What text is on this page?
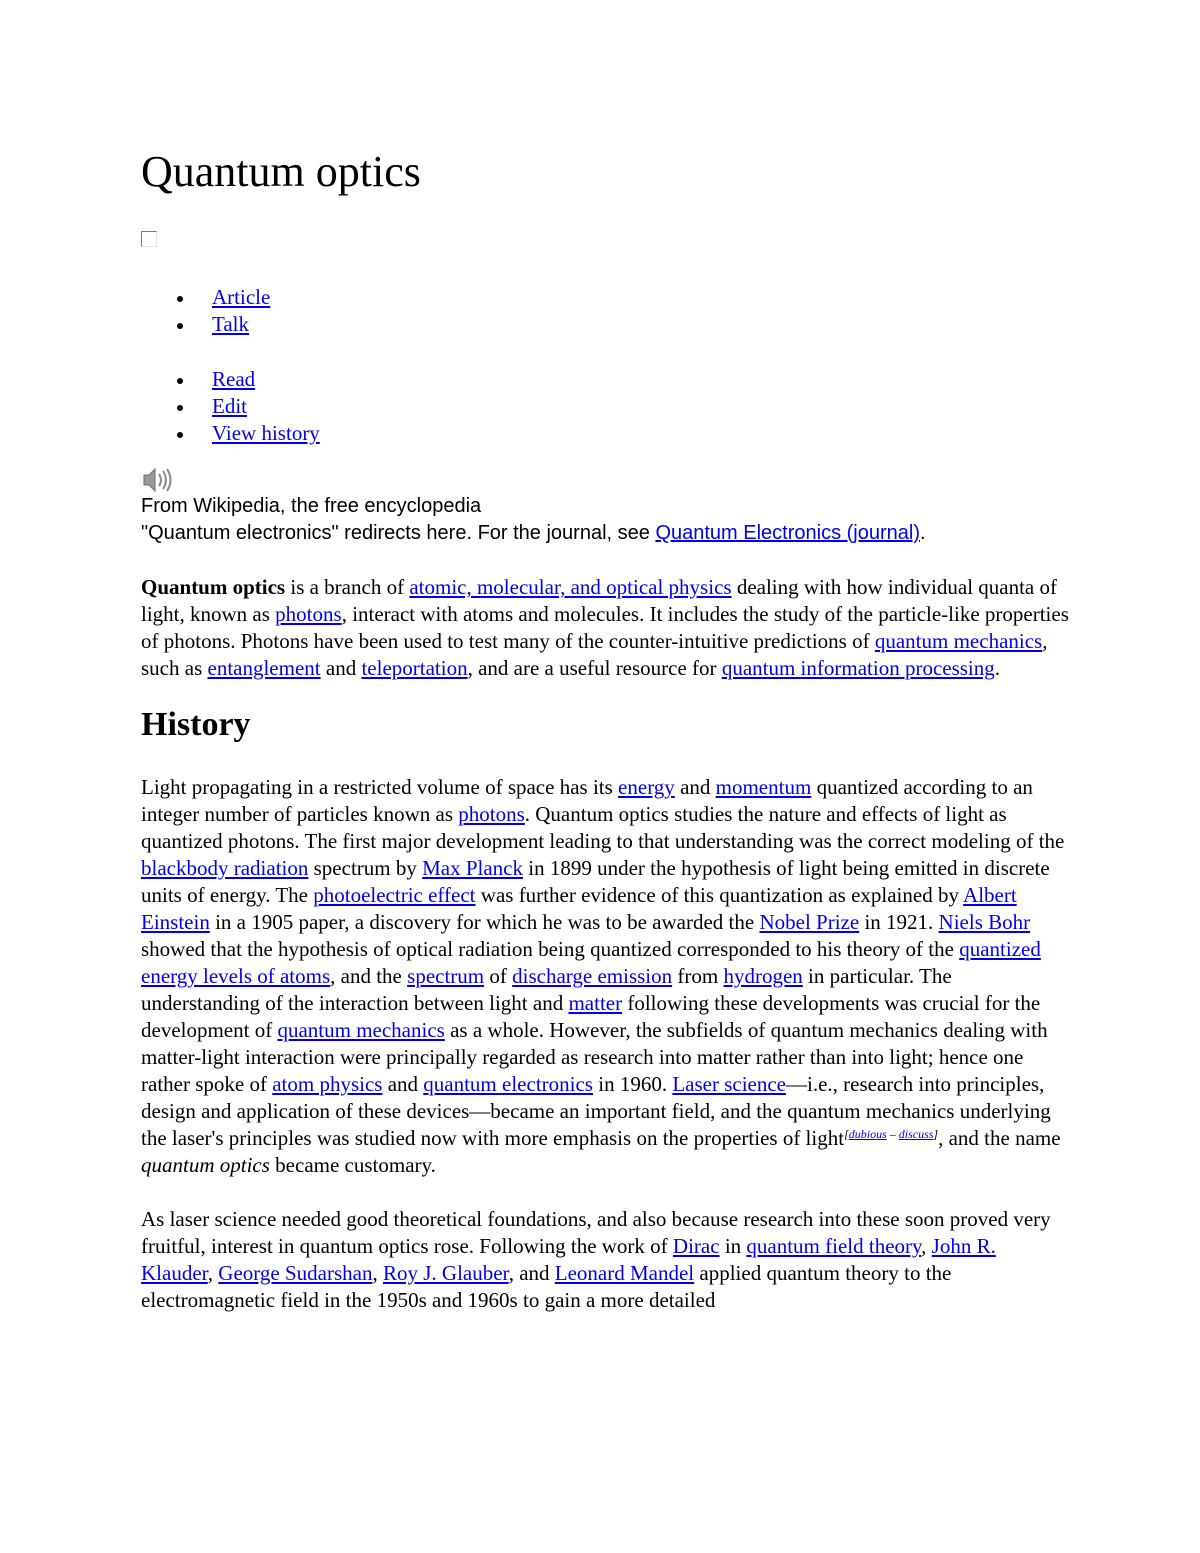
Quantum optics
Article
Talk
Read
Edit
View history
From Wikipedia, the free encyclopedia
"Quantum electronics" redirects here. For the journal, see Quantum Electronics (journal).

Quantum optics is a branch of atomic, molecular, and optical physics dealing with how individual quanta of light, known as photons, interact with atoms and molecules. It includes the study of the particle-like properties of photons. Photons have been used to test many of the counter-intuitive predictions of quantum mechanics, such as entanglement and teleportation, and are a useful resource for quantum information processing.

History

Light propagating in a restricted volume of space has its energy and momentum quantized according to an integer number of particles known as photons. Quantum optics studies the nature and effects of light as quantized photons. The first major development leading to that understanding was the correct modeling of the blackbody radiation spectrum by Max Planck in 1899 under the hypothesis of light being emitted in discrete units of energy. The photoelectric effect was further evidence of this quantization as explained by Albert Einstein in a 1905 paper, a discovery for which he was to be awarded the Nobel Prize in 1921. Niels Bohr showed that the hypothesis of optical radiation being quantized corresponded to his theory of the quantized energy levels of atoms, and the spectrum of discharge emission from hydrogen in particular. The understanding of the interaction between light and matter following these developments was crucial for the development of quantum mechanics as a whole. However, the subfields of quantum mechanics dealing with matter-light interaction were principally regarded as research into matter rather than into light; hence one rather spoke of atom physics and quantum electronics in 1960. Laser science—i.e., research into principles, design and application of these devices—became an important field, and the quantum mechanics underlying the laser's principles was studied now with more emphasis on the properties of light[dubious – discuss], and the name quantum optics became customary.

As laser science needed good theoretical foundations, and also because research into these soon proved very fruitful, interest in quantum optics rose. Following the work of Dirac in quantum field theory, John R. Klauder, George Sudarshan, Roy J. Glauber, and Leonard Mandel applied quantum theory to the electromagnetic field in the 1950s and 1960s to gain a more detailed
